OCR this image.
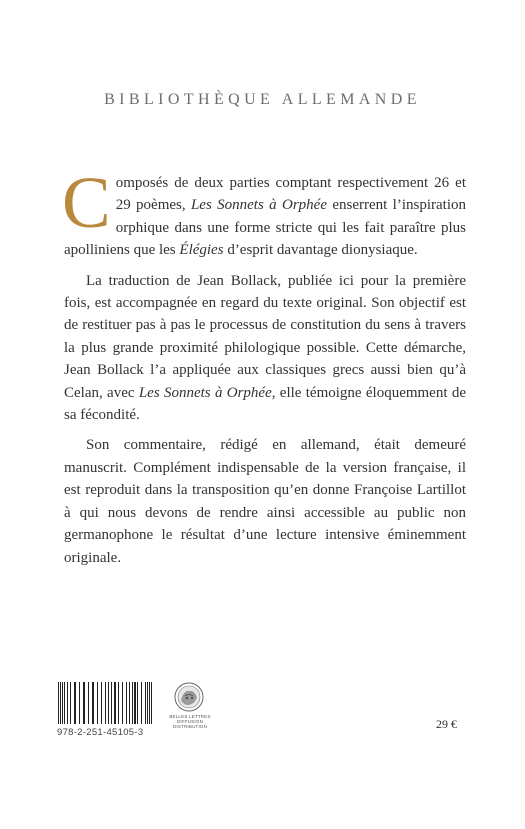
BIBLIOTHÈQUE ALLEMANDE

Composés de deux parties comptant respectivement 26 et 29 poèmes, Les Sonnets à Orphée enserrent l’inspiration orphique dans une forme stricte qui les fait paraître plus apolliniens que les Élégies d’esprit davantage dionysiaque.

La traduction de Jean Bollack, publiée ici pour la première fois, est accompagnée en regard du texte original. Son objectif est de restituer pas à pas le processus de constitution du sens à travers la plus grande proximité philologique possible. Cette démarche, Jean Bollack l’a appliquée aux classiques grecs aussi bien qu’à Celan, avec Les Sonnets à Orphée, elle témoigne éloquemment de sa fécondité.

Son commentaire, rédigé en allemand, était demeuré manuscrit. Complément indispensable de la version française, il est reproduit dans la transposition qu’en donne Françoise Lartillot à qui nous devons de rendre ainsi accessible au public non germanophone le résultat d’une lecture intensive éminemment originale.

978-2-251-45105-3
BELLES LETTRES
DIFFUSION
DISTRIBUTION	29 €
